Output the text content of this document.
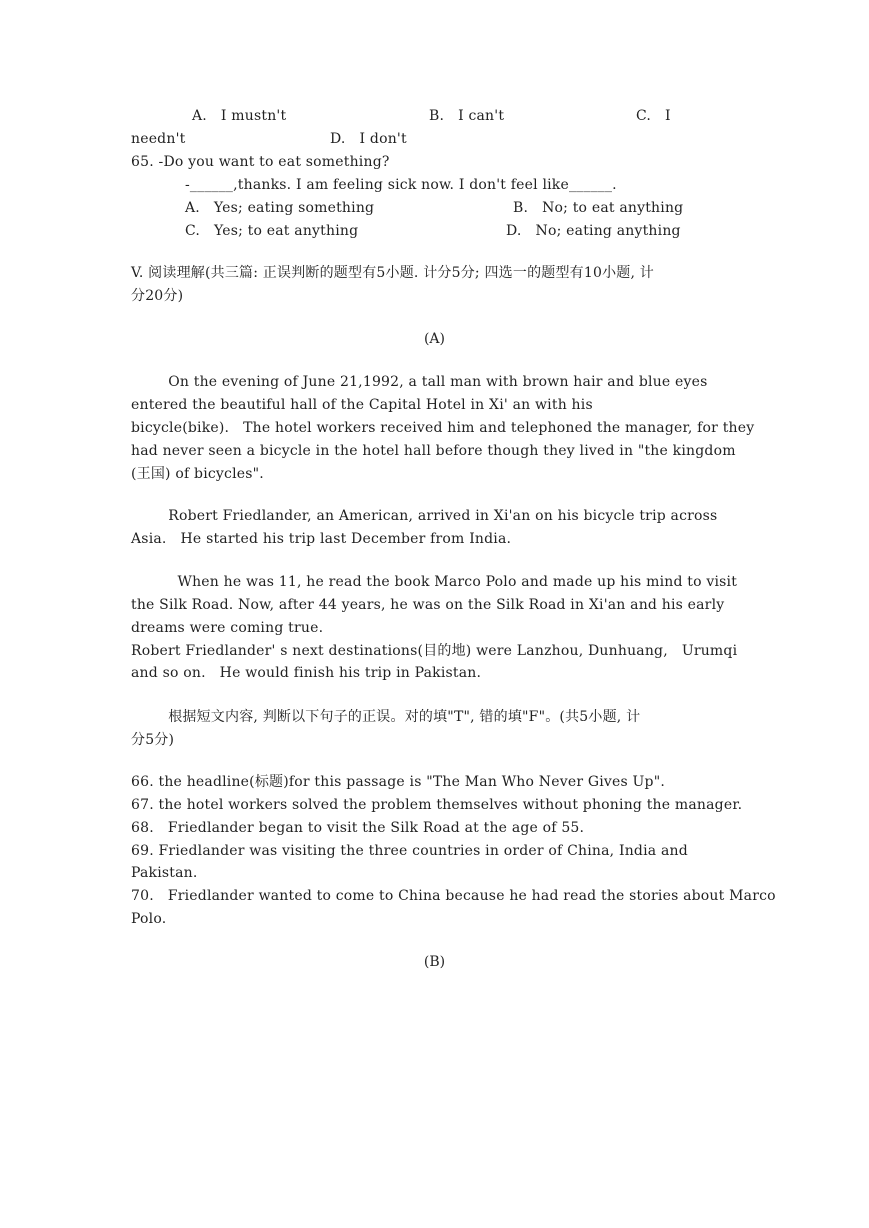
A.   I mustn't	B.   I can't	C.   I
needn't	D.   I don't
65. -Do you want to eat something?
-______,thanks. I am feeling sick now. I don't feel like______.
A.   Yes; eating something	B.   No; to eat anything
C.   Yes; to eat anything	D.   No; eating anything
V. 阅读理解(共三篇: 正误判断的题型有5小题. 计分5分; 四选一的题型有10小题, 计
分20分)
(A)
On the evening of June 21,1992, a tall man with brown hair and blue eyes
entered the beautiful hall of the Capital Hotel in Xi' an with his
bicycle(bike).   The hotel workers received him and telephoned the manager, for they
had never seen a bicycle in the hotel hall before though they lived in "the kingdom
(王国) of bicycles".
Robert Friedlander, an American, arrived in Xi'an on his bicycle trip across
Asia.   He started his trip last December from India.
When he was 11, he read the book Marco Polo and made up his mind to visit
the Silk Road. Now, after 44 years, he was on the Silk Road in Xi'an and his early
dreams were coming true.
Robert Friedlander' s next destinations(目的地) were Lanzhou, Dunhuang,   Urumqi
and so on.   He would finish his trip in Pakistan.
根据短文内容, 判断以下句子的正误。对的填"T", 错的填"F"。(共5小题, 计
分5分)
66. the headline(标题)for this passage is "The Man Who Never Gives Up".
67. the hotel workers solved the problem themselves without phoning the manager.
68.   Friedlander began to visit the Silk Road at the age of 55.
69. Friedlander was visiting the three countries in order of China, India and
Pakistan.
70.   Friedlander wanted to come to China because he had read the stories about Marco
Polo.
(B)
